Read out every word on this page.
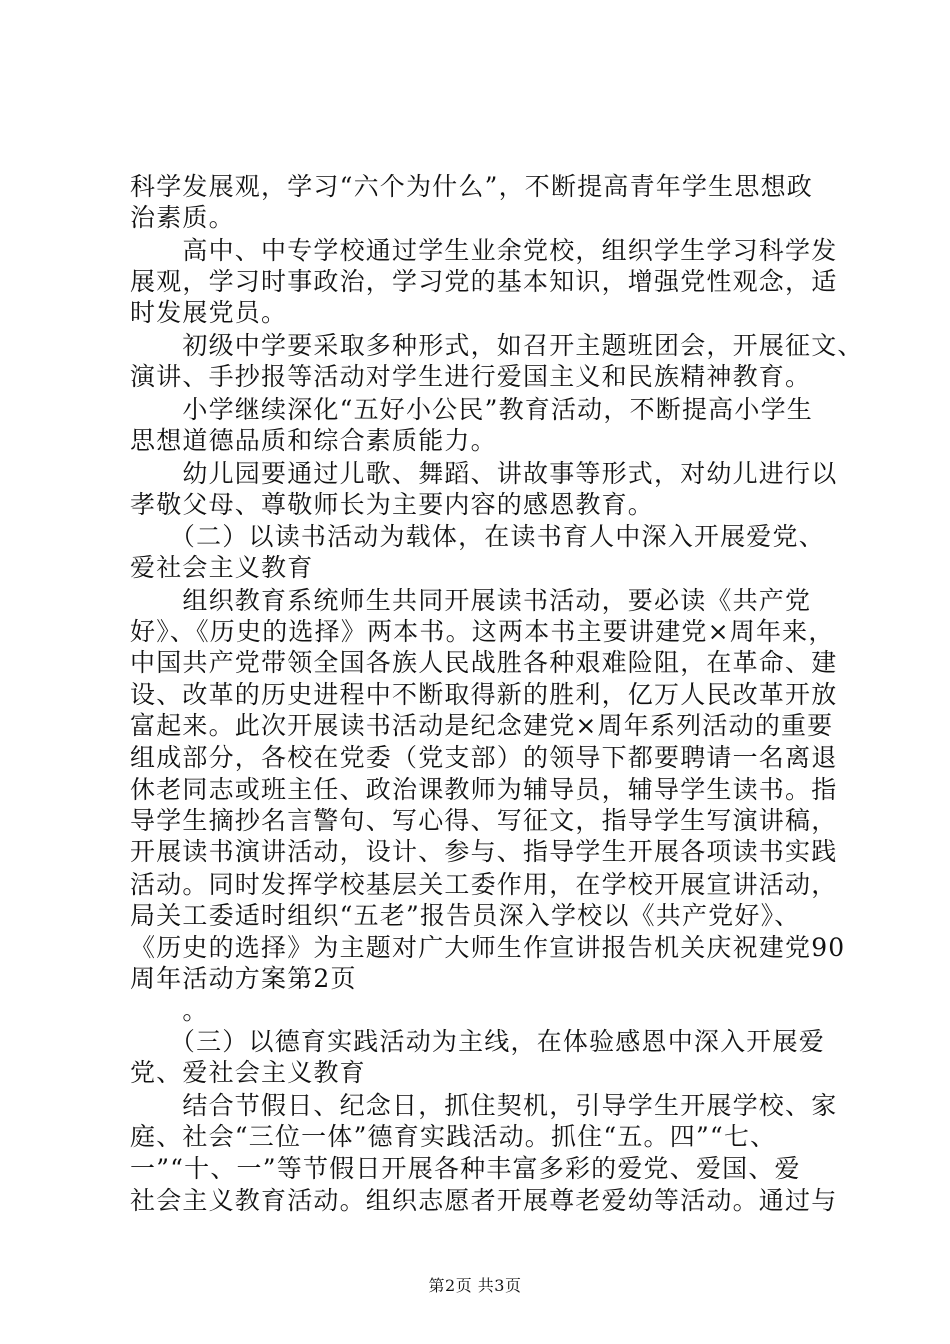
科学发展观，学习“六个为什么”，不断提高青年学生思想政
治素质。
　　高中、中专学校通过学生业余党校，组织学生学习科学发
展观，学习时事政治，学习党的基本知识，增强党性观念，适
时发展党员。
　　初级中学要采取多种形式，如召开主题班团会，开展征文、
演讲、手抄报等活动对学生进行爱国主义和民族精神教育。
　　小学继续深化“五好小公民”教育活动，不断提高小学生
思想道德品质和综合素质能力。
　　幼儿园要通过儿歌、舞蹈、讲故事等形式，对幼儿进行以
孝敬父母、尊敬师长为主要内容的感恩教育。
　　（二）以读书活动为载体，在读书育人中深入开展爱党、
爱社会主义教育
　　组织教育系统师生共同开展读书活动，要必读《共产党
好》、《历史的选择》两本书。这两本书主要讲建党×周年来，
中国共产党带领全国各族人民战胜各种艰难险阻，在革命、建
设、改革的历史进程中不断取得新的胜利，亿万人民改革开放
富起来。此次开展读书活动是纪念建党×周年系列活动的重要
组成部分，各校在党委（党支部）的领导下都要聘请一名离退
休老同志或班主任、政治课教师为辅导员，辅导学生读书。指
导学生摘抄名言警句、写心得、写征文，指导学生写演讲稿，
开展读书演讲活动，设计、参与、指导学生开展各项读书实践
活动。同时发挥学校基层关工委作用，在学校开展宣讲活动，
局关工委适时组织“五老”报告员深入学校以《共产党好》、
《历史的选择》为主题对广大师生作宣讲报告机关庆祝建党90
周年活动方案第2页
　　。
　　（三）以德育实践活动为主线，在体验感恩中深入开展爱
党、爱社会主义教育
　　结合节假日、纪念日，抓住契机，引导学生开展学校、家
庭、社会“三位一体”德育实践活动。抓住“五。四”“七、
一”“十、一”等节假日开展各种丰富多彩的爱党、爱国、爱
社会主义教育活动。组织志愿者开展尊老爱幼等活动。通过与
第2页 共3页
